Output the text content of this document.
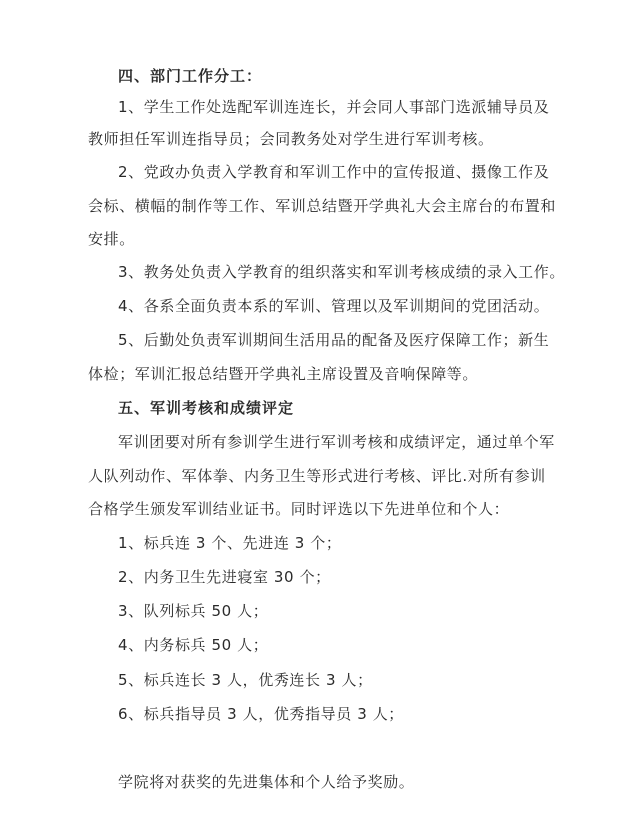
四、部门工作分工：
1、学生工作处选配军训连连长，并会同人事部门选派辅导员及
教师担任军训连指导员；会同教务处对学生进行军训考核。
2、党政办负责入学教育和军训工作中的宣传报道、摄像工作及
会标、横幅的制作等工作、军训总结暨开学典礼大会主席台的布置和
安排。
3、教务处负责入学教育的组织落实和军训考核成绩的录入工作。
4、各系全面负责本系的军训、管理以及军训期间的党团活动。
5、后勤处负责军训期间生活用品的配备及医疗保障工作；新生
体检；军训汇报总结暨开学典礼主席设置及音响保障等。
五、军训考核和成绩评定
军训团要对所有参训学生进行军训考核和成绩评定，通过单个军
人队列动作、军体拳、内务卫生等形式进行考核、评比.对所有参训
合格学生颁发军训结业证书。同时评选以下先进单位和个人：
1、标兵连 3 个、先进连 3 个；
2、内务卫生先进寝室 30 个；
3、队列标兵 50 人；
4、内务标兵 50 人；
5、标兵连长 3 人，优秀连长 3 人；
6、标兵指导员 3 人，优秀指导员 3 人；
学院将对获奖的先进集体和个人给予奖励。
